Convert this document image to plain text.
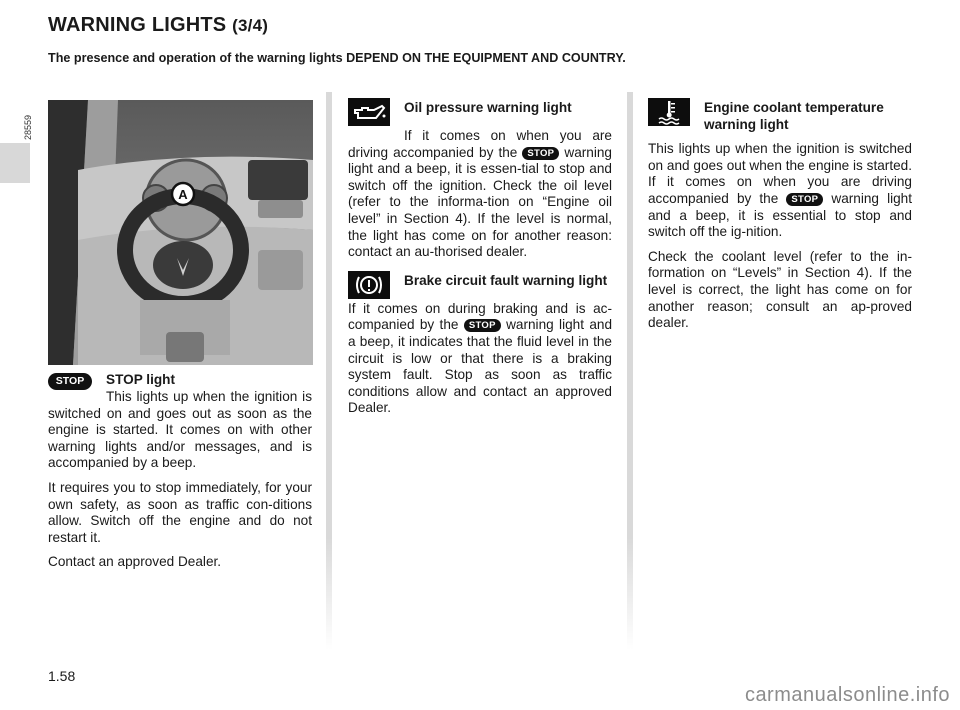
WARNING LIGHTS (3/4)

The presence and operation of the warning lights DEPEND ON THE EQUIPMENT AND COUNTRY.

28559
A
STOP STOP light

This lights up when the ignition is switched on and goes out as soon as the engine is started. It comes on with other warning lights and/or messages, and is accompanied by a beep.

It requires you to stop immediately, for your own safety, as soon as traffic con-ditions allow. Switch off the engine and do not restart it.

Contact an approved Dealer.

Oil pressure warning light

If it comes on when you are driving accompanied by the STOP warning light and a beep, it is essen-tial to stop and switch off the ignition. Check the oil level (refer to the informa-tion on “Engine oil level” in Section 4). If the level is normal, the light has come on for another reason: contact an au-thorised dealer.

Brake circuit fault warning light

If it comes on during braking and is ac-companied by the STOP warning light and a beep, it indicates that the fluid level in the circuit is low or that there is a braking system fault. Stop as soon as traffic conditions allow and contact an approved Dealer.

Engine coolant temperature warning light

This lights up when the ignition is switched on and goes out when the engine is started. If it comes on when you are driving accompanied by the STOP warning light and a beep, it is essential to stop and switch off the ig-nition.

Check the coolant level (refer to the in-formation on “Levels” in Section 4). If the level is correct, the light has come on for another reason; consult an ap-proved dealer.

1.58
carmanualsonline.info
